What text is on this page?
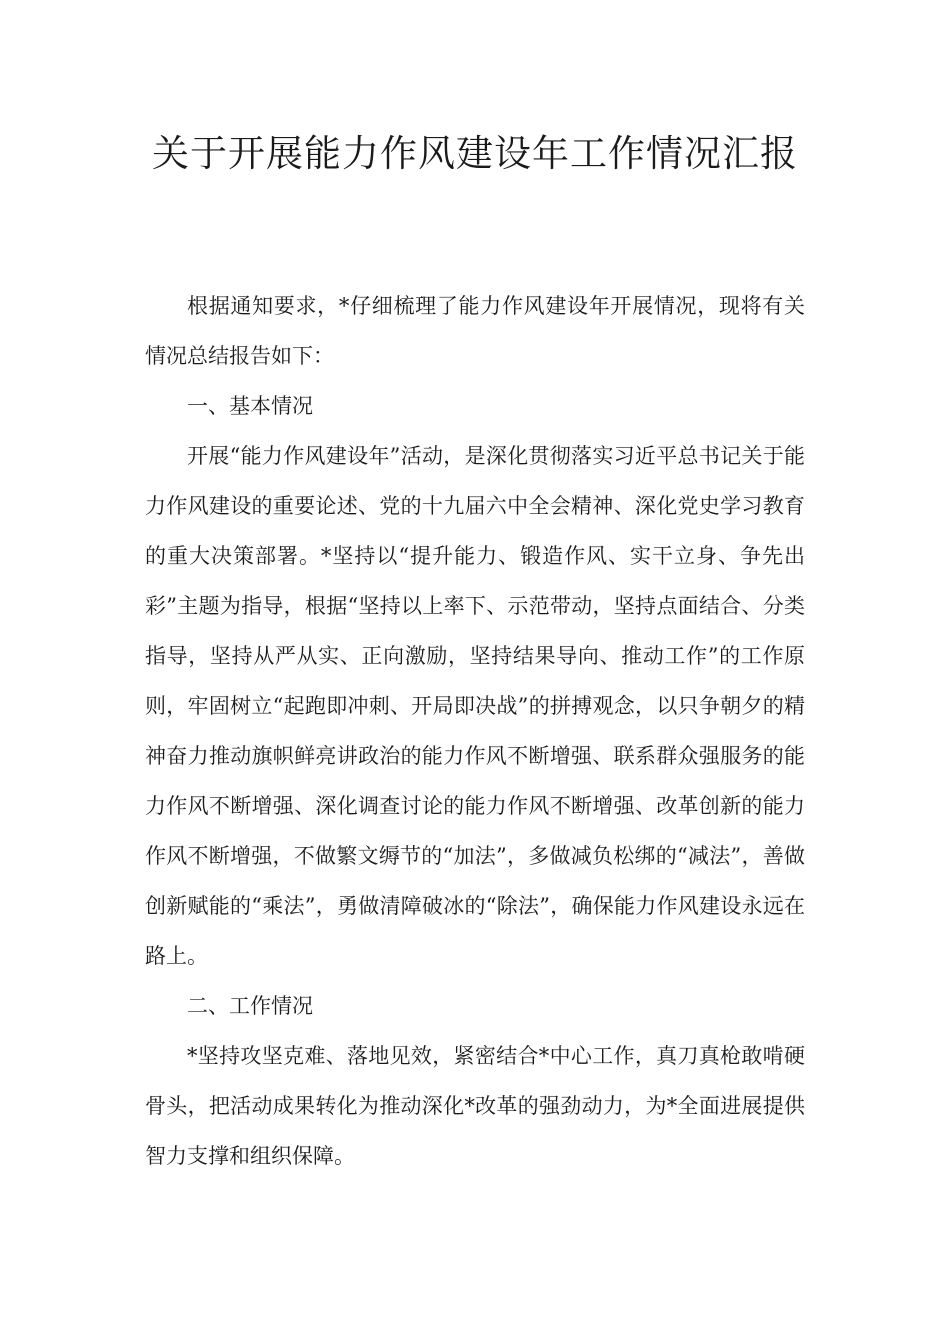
关于开展能力作风建设年工作情况汇报

根据通知要求，*仔细梳理了能力作风建设年开展情况，现将有关情况总结报告如下：

一、基本情况

开展“能力作风建设年”活动，是深化贯彻落实习近平总书记关于能力作风建设的重要论述、党的十九届六中全会精神、深化党史学习教育的重大决策部署。*坚持以“提升能力、锻造作风、实干立身、争先出彩”主题为指导，根据“坚持以上率下、示范带动，坚持点面结合、分类指导，坚持从严从实、正向激励，坚持结果导向、推动工作”的工作原则，牢固树立“起跑即冲刺、开局即决战”的拼搏观念，以只争朝夕的精神奋力推动旗帜鲜亮讲政治的能力作风不断增强、联系群众强服务的能力作风不断增强、深化调查讨论的能力作风不断增强、改革创新的能力作风不断增强，不做繁文缛节的“加法”，多做减负松绑的“减法”，善做创新赋能的“乘法”，勇做清障破冰的“除法”，确保能力作风建设永远在路上。

二、工作情况

*坚持攻坚克难、落地见效，紧密结合*中心工作，真刀真枪敢啃硬骨头，把活动成果转化为推动深化*改革的强劲动力，为*全面进展提供智力支撑和组织保障。
